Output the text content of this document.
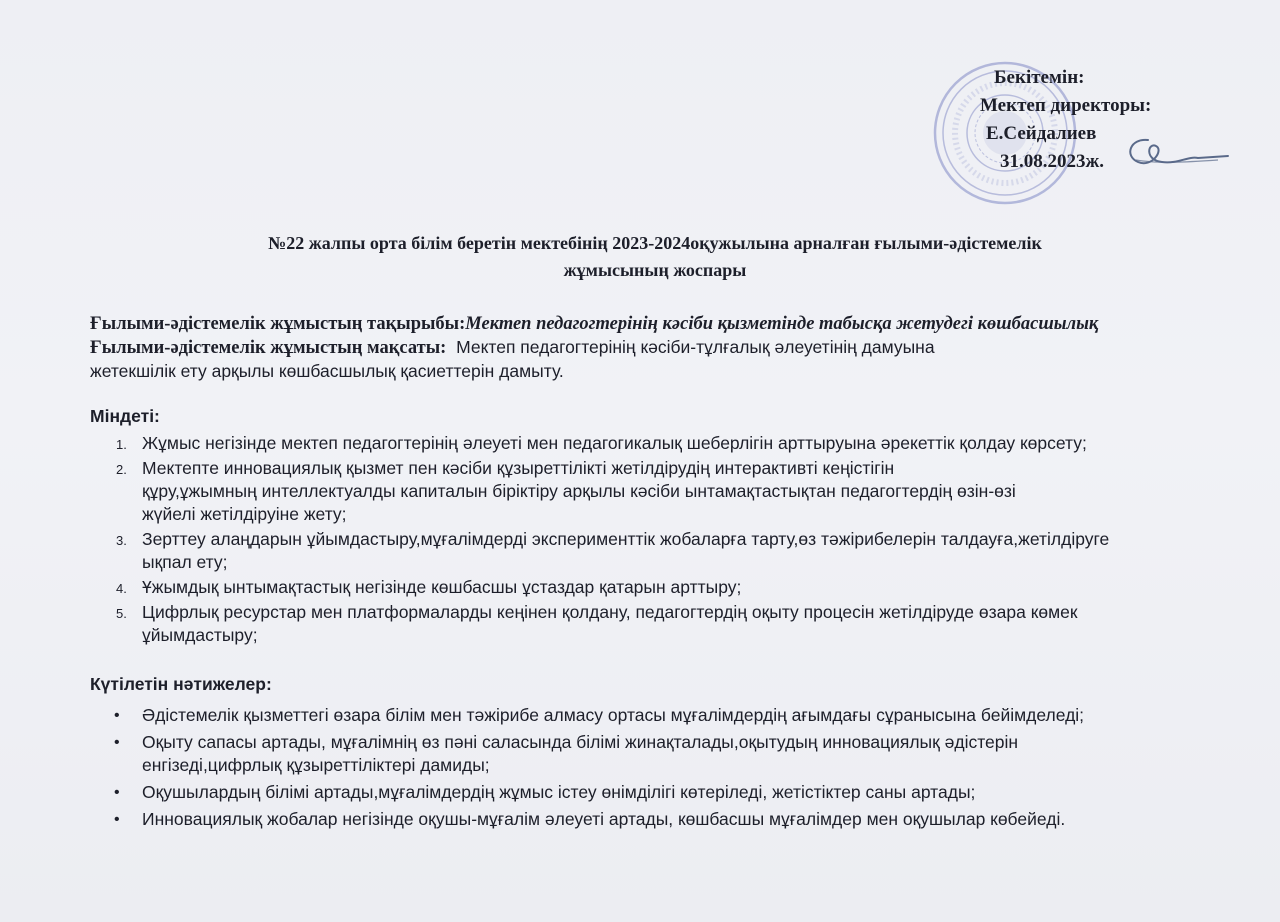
Бекітемін:
Мектеп директоры:
Е.Сейдалиев
31.08.2023ж.
№22 жалпы орта білім беретін мектебінің 2023-2024оқужылына арналған ғылыми-әдістемелік
жұмысының жоспары
Ғылыми-әдістемелік жұмыстың тақырыбы:Мектеп педагогтерінің кәсіби қызметінде табысқа жетудегі көшбасшылық
Ғылыми-әдістемелік жұмыстың мақсаты: Мектеп педагогтерінің кәсіби-тұлғалық әлеуетінің дамуына
жетекшілік ету арқылы көшбасшылық қасиеттерін дамыту.
Міндеті:
1. Жұмыс негізінде мектеп педагогтерінің әлеуеті мен педагогикалық шеберлігін арттыруына әрекеттік қолдау көрсету;
2. Мектепте инновациялық қызмет пен кәсіби құзыреттілікті жетілдірудің интерактивті кеңістігін
құру,ұжымның интеллектуалды капиталын біріктіру арқылы кәсіби ынтамақтастықтан педагогтердің өзін-өзі
жүйелі жетілдіруіне жету;
3. Зерттеу алаңдарын ұйымдастыру,мұғалімдерді эксперименттік жобаларға тарту,өз тәжірибелерін талдауға,жетілдіруге
ықпал ету;
4. Ұжымдық ынтымақтастық негізінде көшбасшы ұстаздар қатарын арттыру;
5. Цифрлық ресурстар мен платформаларды кеңінен қолдану, педагогтердің оқыту процесін жетілдіруде өзара көмек
ұйымдастыру;
Күтілетін нәтижелер:
• Әдістемелік қызметтегі өзара білім мен тәжірибе алмасу ортасы мұғалімдердің ағымдағы сұранысына бейімделеді;
• Оқыту сапасы артады, мұғалімнің өз пәні саласында білімі жинақталады,оқытудың инновациялық әдістерін
енгізеді,цифрлық құзыреттіліктері дамиды;
• Оқушылардың білімі артады,мұғалімдердің жұмыс істеу өнімділігі көтеріледі, жетістіктер саны артады;
• Инновациялық жобалар негізінде оқушы-мұғалім әлеуеті артады, көшбасшы мұғалімдер мен оқушылар көбейеді.
